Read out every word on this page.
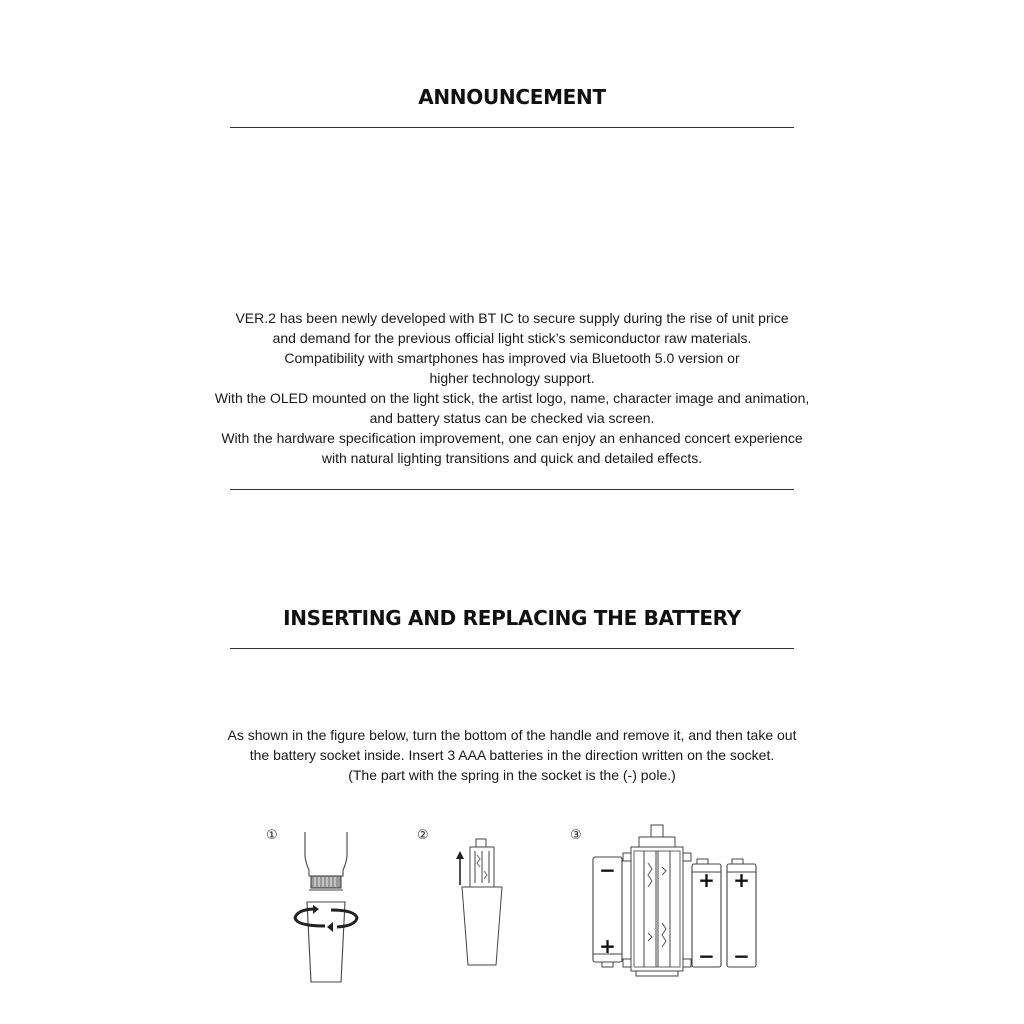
ANNOUNCEMENT
VER.2 has been newly developed with BT IC to secure supply during the rise of unit price
and demand for the previous official light stick’s semiconductor raw materials.
Compatibility with smartphones has improved via Bluetooth 5.0 version or
higher technology support.
With the OLED mounted on the light stick, the artist logo, name, character image and animation,
and battery status can be checked via screen.
With the hardware specification improvement, one can enjoy an enhanced concert experience
with natural lighting transitions and quick and detailed effects.
INSERTING AND REPLACING THE BATTERY
As shown in the figure below, turn the bottom of the handle and remove it, and then take out
the battery socket inside. Insert 3 AAA batteries in the direction written on the socket.
(The part with the spring in the socket is the (-) pole.)
①	②	③
−
+
+
−
+
−
